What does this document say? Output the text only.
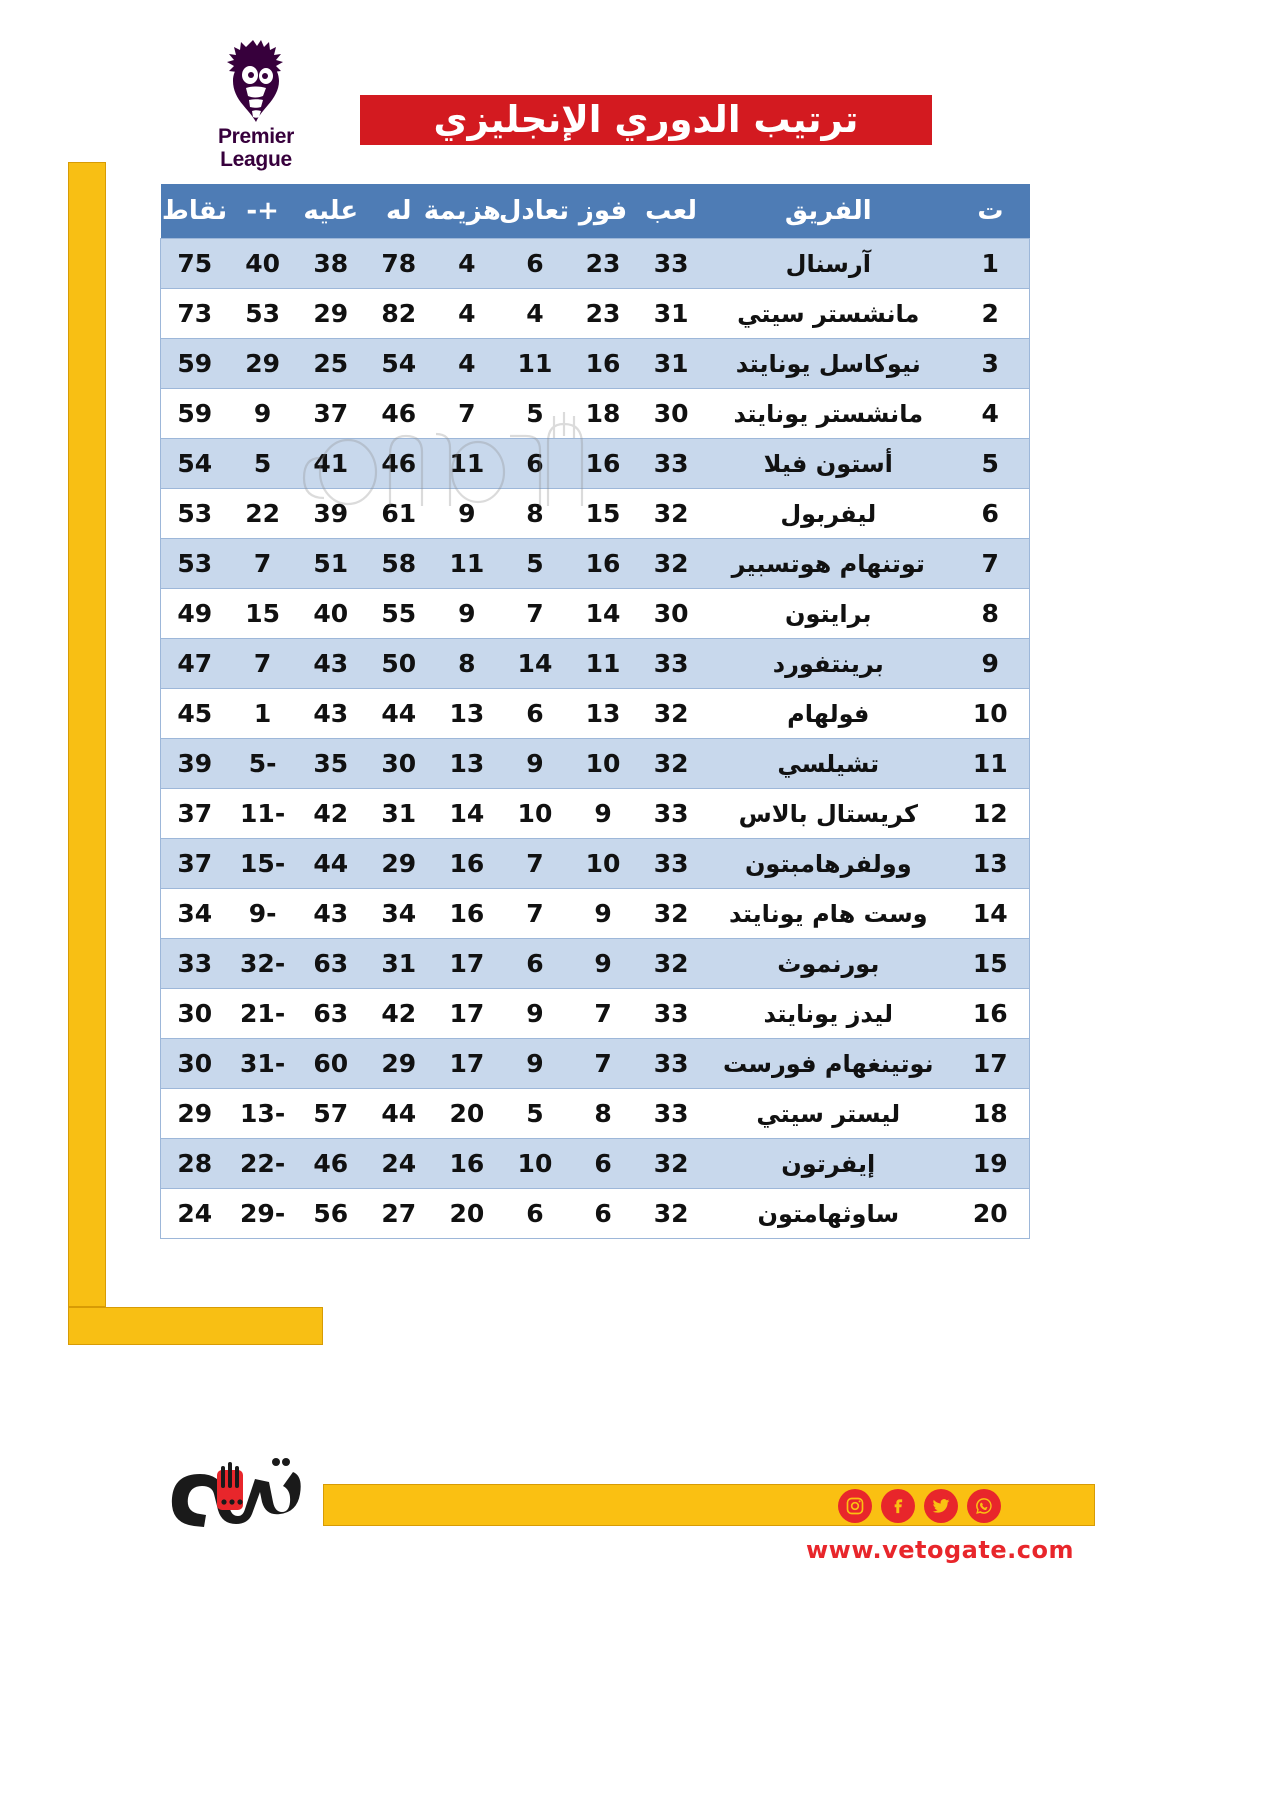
Premier
League
ترتيب الدوري الإنجليزي
ت	الفريق	لعب	فوز	تعادل	هزيمة	له	عليه	+-	نقاط
1	آرسنال	33	23	6	4	78	38	40	75
2	مانشستر سيتي	31	23	4	4	82	29	53	73
3	نيوكاسل يونايتد	31	16	11	4	54	25	29	59
4	مانشستر يونايتد	30	18	5	7	46	37	9	59
5	أستون فيلا	33	16	6	11	46	41	5	54
6	ليفربول	32	15	8	9	61	39	22	53
7	توتنهام هوتسبير	32	16	5	11	58	51	7	53
8	برايتون	30	14	7	9	55	40	15	49
9	برينتفورد	33	11	14	8	50	43	7	47
10	فولهام	32	13	6	13	44	43	1	45
11	تشيلسي	32	10	9	13	30	35	-5	39
12	كريستال بالاس	33	9	10	14	31	42	-11	37
13	وولفرهامبتون	33	10	7	16	29	44	-15	37
14	وست هام يونايتد	32	9	7	16	34	43	-9	34
15	بورنموث	32	9	6	17	31	63	-32	33
16	ليدز يونايتد	33	7	9	17	42	63	-21	30
17	نوتينغهام فورست	33	7	9	17	29	60	-31	30
18	ليستر سيتي	33	8	5	20	44	57	-13	29
19	إيفرتون	32	6	10	16	24	46	-22	28
20	ساوثهامتون	32	6	6	20	27	56	-29	24
www.vetogate.com
